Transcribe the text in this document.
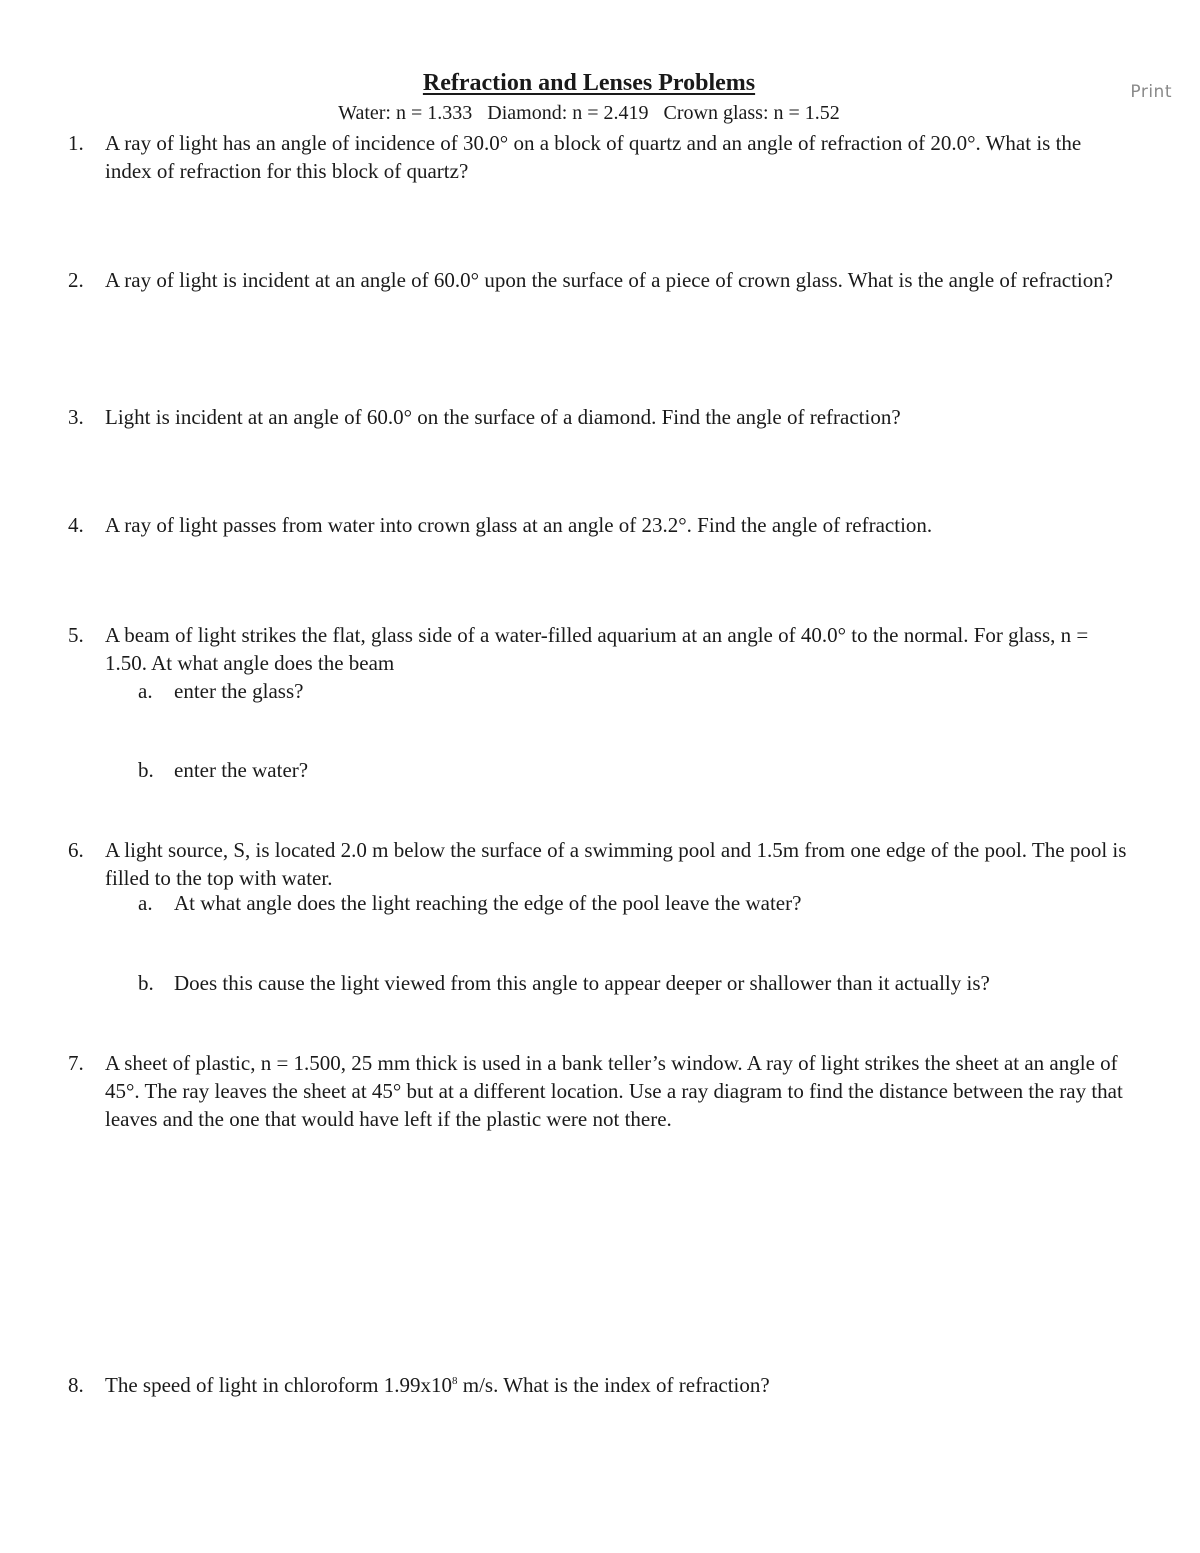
Print
Refraction and Lenses Problems
Water: n = 1.333   Diamond: n = 2.419   Crown glass: n = 1.52
1.	A ray of light has an angle of incidence of 30.0° on a block of quartz and an angle of refraction of 20.0°. What is the index of refraction for this block of quartz?
2.	A ray of light is incident at an angle of 60.0° upon the surface of a piece of crown glass. What is the angle of refraction?
3.	Light is incident at an angle of 60.0° on the surface of a diamond. Find the angle of refraction?
4.	A ray of light passes from water into crown glass at an angle of 23.2°. Find the angle of refraction.
5.	A beam of light strikes the flat, glass side of a water-filled aquarium at an angle of 40.0° to the normal. For glass, n = 1.50. At what angle does the beam
a. enter the glass?
b. enter the water?
6.	A light source, S, is located 2.0 m below the surface of a swimming pool and 1.5m from one edge of the pool. The pool is filled to the top with water.
a. At what angle does the light reaching the edge of the pool leave the water?
b. Does this cause the light viewed from this angle to appear deeper or shallower than it actually is?
7.	A sheet of plastic, n = 1.500, 25 mm thick is used in a bank teller’s window. A ray of light strikes the sheet at an angle of 45°. The ray leaves the sheet at 45° but at a different location. Use a ray diagram to find the distance between the ray that leaves and the one that would have left if the plastic were not there.
8.	The speed of light in chloroform $1.99x10^8$ m/s. What is the index of refraction?
